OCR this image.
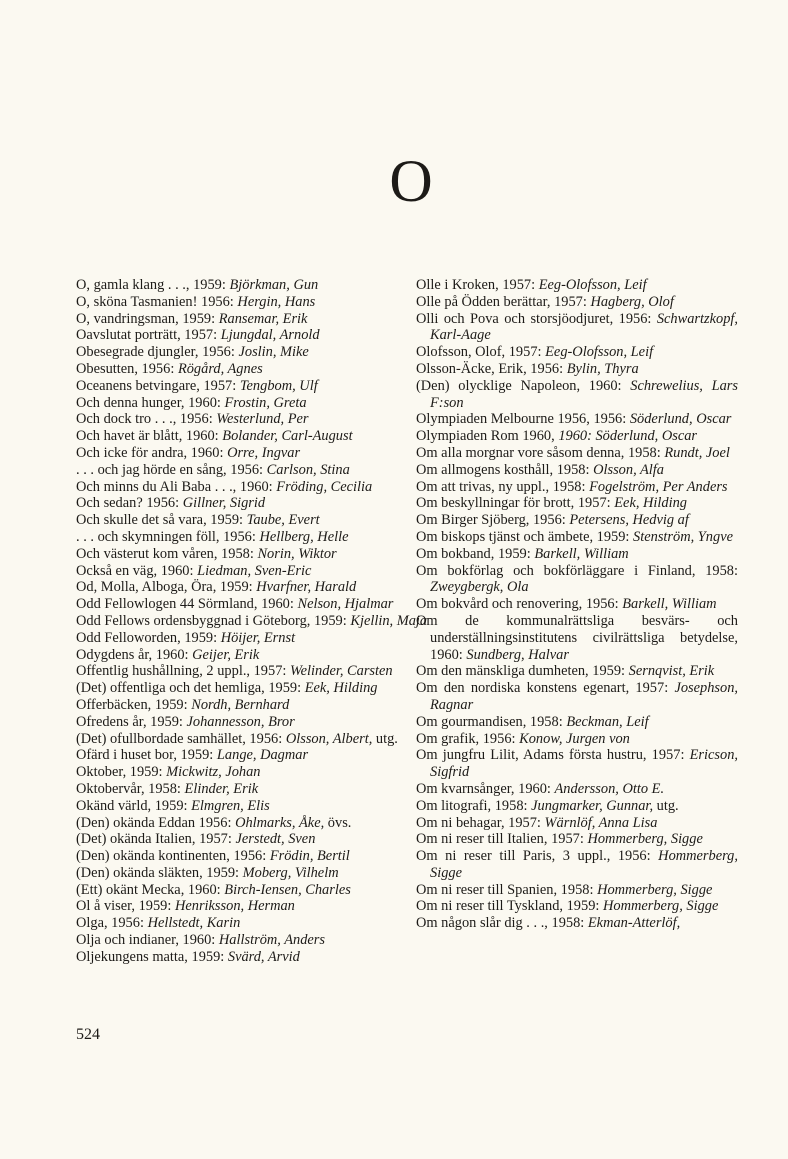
O
O, gamla klang . . ., 1959: Björkman, Gun
O, sköna Tasmanien! 1956: Hergin, Hans
O, vandringsman, 1959: Ransemar, Erik
Oavslutat porträtt, 1957: Ljungdal, Arnold
Obesegrade djungler, 1956: Joslin, Mike
Obesutten, 1956: Rögård, Agnes
Oceanens betvingare, 1957: Tengbom, Ulf
Och denna hunger, 1960: Frostin, Greta
Och dock tro . . ., 1956: Westerlund, Per
Och havet är blått, 1960: Bolander, Carl-August
Och icke för andra, 1960: Orre, Ingvar
. . . och jag hörde en sång, 1956: Carlson, Stina
Och minns du Ali Baba . . ., 1960: Fröding, Cecilia
Och sedan? 1956: Gillner, Sigrid
Och skulle det så vara, 1959: Taube, Evert
. . . och skymningen föll, 1956: Hellberg, Helle
Och västerut kom våren, 1958: Norin, Wiktor
Också en väg, 1960: Liedman, Sven-Eric
Od, Molla, Alboga, Öra, 1959: Hvarfner, Harald
Odd Fellowlogen 44 Sörmland, 1960: Nelson, Hjalmar
Odd Fellows ordensbyggnad i Göteborg, 1959: Kjellin, Maja
Odd Felloworden, 1959: Höijer, Ernst
Odygdens år, 1960: Geijer, Erik
Offentlig hushållning, 2 uppl., 1957: Welinder, Carsten
(Det) offentliga och det hemliga, 1959: Eek, Hilding
Offerbäcken, 1959: Nordh, Bernhard
Ofredens år, 1959: Johannesson, Bror
(Det) ofullbordade samhället, 1956: Olsson, Albert, utg.
Ofärd i huset bor, 1959: Lange, Dagmar
Oktober, 1959: Mickwitz, Johan
Oktobervår, 1958: Elinder, Erik
Okänd värld, 1959: Elmgren, Elis
(Den) okända Eddan 1956: Ohlmarks, Åke, övs.
(Det) okända Italien, 1957: Jerstedt, Sven
(Den) okända kontinenten, 1956: Frödin, Bertil
(Den) okända släkten, 1959: Moberg, Vilhelm
(Ett) okänt Mecka, 1960: Birch-Iensen, Charles
Ol å viser, 1959: Henriksson, Herman
Olga, 1956: Hellstedt, Karin
Olja och indianer, 1960: Hallström, Anders
Oljekungens matta, 1959: Svärd, Arvid
Olle i Kroken, 1957: Eeg-Olofsson, Leif
Olle på Ödden berättar, 1957: Hagberg, Olof
Olli och Pova och storsjöodjuret, 1956: Schwartzkopf, Karl-Aage
Olofsson, Olof, 1957: Eeg-Olofsson, Leif
Olsson-Äcke, Erik, 1956: Bylin, Thyra
(Den) olycklige Napoleon, 1960: Schrewelius, Lars F:son
Olympiaden Melbourne 1956, 1956: Söderlund, Oscar
Olympiaden Rom 1960, 1960: Söderlund, Oscar
Om alla morgnar vore såsom denna, 1958: Rundt, Joel
Om allmogens kosthåll, 1958: Olsson, Alfa
Om att trivas, ny uppl., 1958: Fogelström, Per Anders
Om beskyllningar för brott, 1957: Eek, Hilding
Om Birger Sjöberg, 1956: Petersens, Hedvig af
Om biskops tjänst och ämbete, 1959: Stenström, Yngve
Om bokband, 1959: Barkell, William
Om bokförlag och bokförläggare i Finland, 1958: Zweygbergk, Ola
Om bokvård och renovering, 1956: Barkell, William
Om de kommunalrättsliga besvärs- och underställningsinstitutens civilrättsliga betydelse, 1960: Sundberg, Halvar
Om den mänskliga dumheten, 1959: Sernqvist, Erik
Om den nordiska konstens egenart, 1957: Josephson, Ragnar
Om gourmandisen, 1958: Beckman, Leif
Om grafik, 1956: Konow, Jurgen von
Om jungfru Lilit, Adams första hustru, 1957: Ericson, Sigfrid
Om kvarnsånger, 1960: Andersson, Otto E.
Om litografi, 1958: Jungmarker, Gunnar, utg.
Om ni behagar, 1957: Wärnlöf, Anna Lisa
Om ni reser till Italien, 1957: Hommerberg, Sigge
Om ni reser till Paris, 3 uppl., 1956: Hommerberg, Sigge
Om ni reser till Spanien, 1958: Hommerberg, Sigge
Om ni reser till Tyskland, 1959: Hommerberg, Sigge
Om någon slår dig . . ., 1958: Ekman-Atterlöf,
524
